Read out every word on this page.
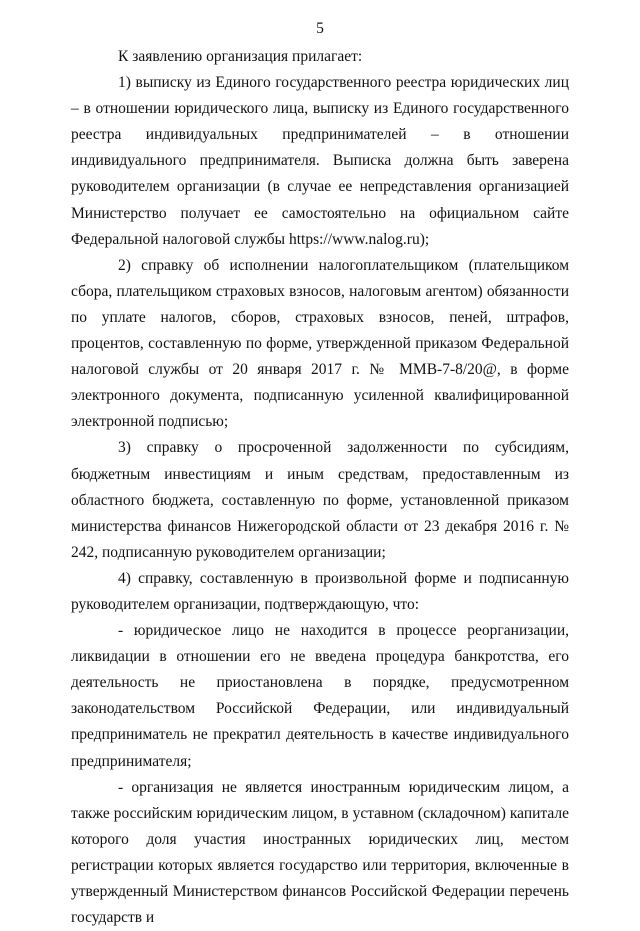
5

К заявлению организация прилагает:

1) выписку из Единого государственного реестра юридических лиц – в отношении юридического лица, выписку из Единого государственного реестра индивидуальных предпринимателей – в отношении индивидуального предпринимателя. Выписка должна быть заверена руководителем организации (в случае ее непредставления организацией Министерство получает ее самостоятельно на официальном сайте Федеральной налоговой службы https://www.nalog.ru);

2) справку об исполнении налогоплательщиком (плательщиком сбора, плательщиком страховых взносов, налоговым агентом) обязанности по уплате налогов, сборов, страховых взносов, пеней, штрафов, процентов, составленную по форме, утвержденной приказом Федеральной налоговой службы от 20 января 2017 г. № ММВ-7-8/20@, в форме электронного документа, подписанную усиленной квалифицированной электронной подписью;

3) справку о просроченной задолженности по субсидиям, бюджетным инвестициям и иным средствам, предоставленным из областного бюджета, составленную по форме, установленной приказом министерства финансов Нижегородской области от 23 декабря 2016 г. № 242, подписанную руководителем организации;

4) справку, составленную в произвольной форме и подписанную руководителем организации, подтверждающую, что:

- юридическое лицо не находится в процессе реорганизации, ликвидации в отношении его не введена процедура банкротства, его деятельность не приостановлена в порядке, предусмотренном законодательством Российской Федерации, или индивидуальный предприниматель не прекратил деятельность в качестве индивидуального предпринимателя;

- организация не является иностранным юридическим лицом, а также российским юридическим лицом, в уставном (складочном) капитале которого доля участия иностранных юридических лиц, местом регистрации которых является государство или территория, включенные в утвержденный Министерством финансов Российской Федерации перечень государств и
